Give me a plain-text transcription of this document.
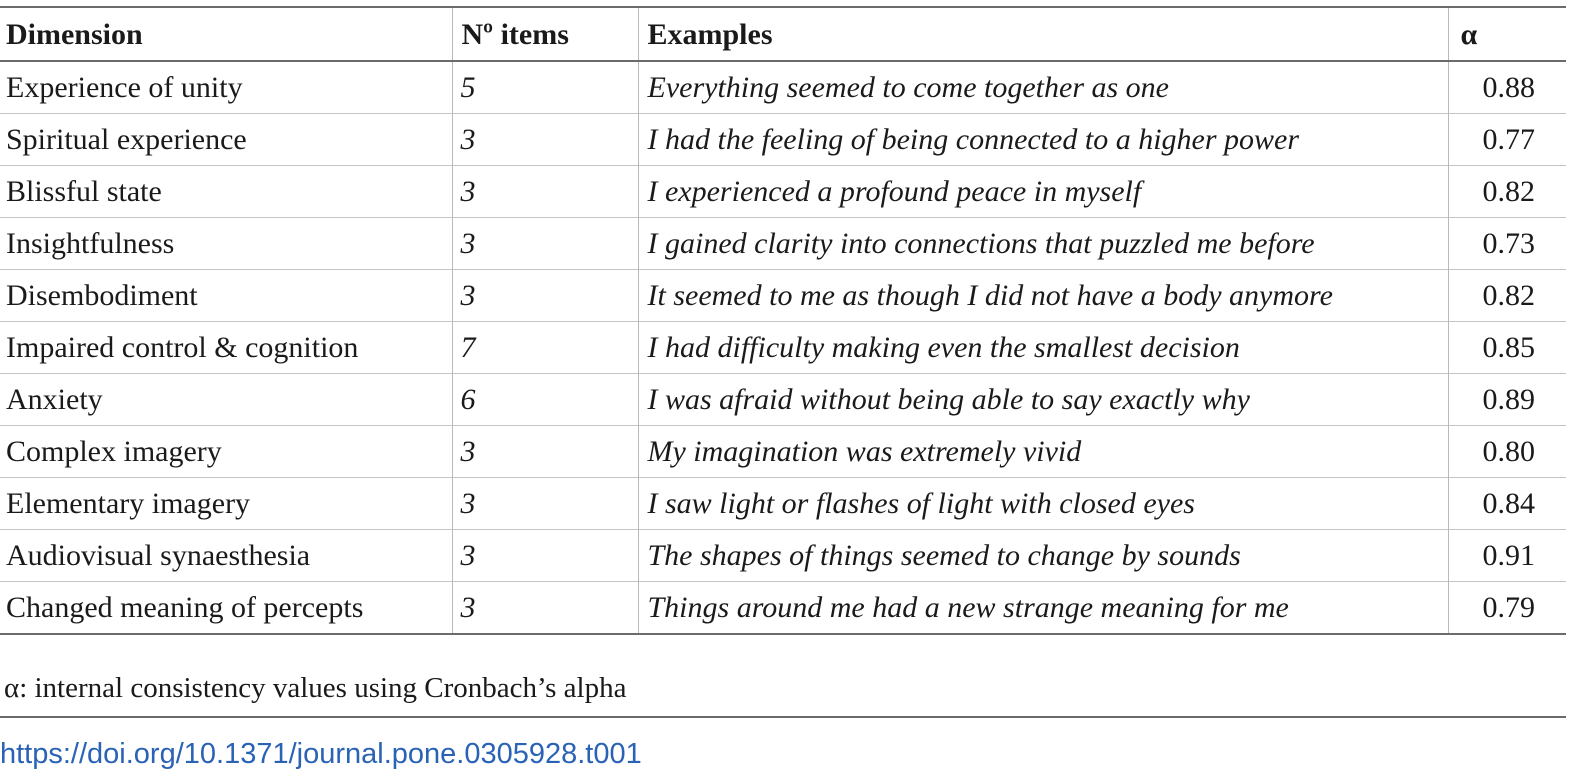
Dimension	Nº items	Examples	α
Experience of unity	5	Everything seemed to come together as one	0.88
Spiritual experience	3	I had the feeling of being connected to a higher power	0.77
Blissful state	3	I experienced a profound peace in myself	0.82
Insightfulness	3	I gained clarity into connections that puzzled me before	0.73
Disembodiment	3	It seemed to me as though I did not have a body anymore	0.82
Impaired control & cognition	7	I had difficulty making even the smallest decision	0.85
Anxiety	6	I was afraid without being able to say exactly why	0.89
Complex imagery	3	My imagination was extremely vivid	0.80
Elementary imagery	3	I saw light or flashes of light with closed eyes	0.84
Audiovisual synaesthesia	3	The shapes of things seemed to change by sounds	0.91
Changed meaning of percepts	3	Things around me had a new strange meaning for me	0.79

α: internal consistency values using Cronbach’s alpha

https://doi.org/10.1371/journal.pone.0305928.t001
